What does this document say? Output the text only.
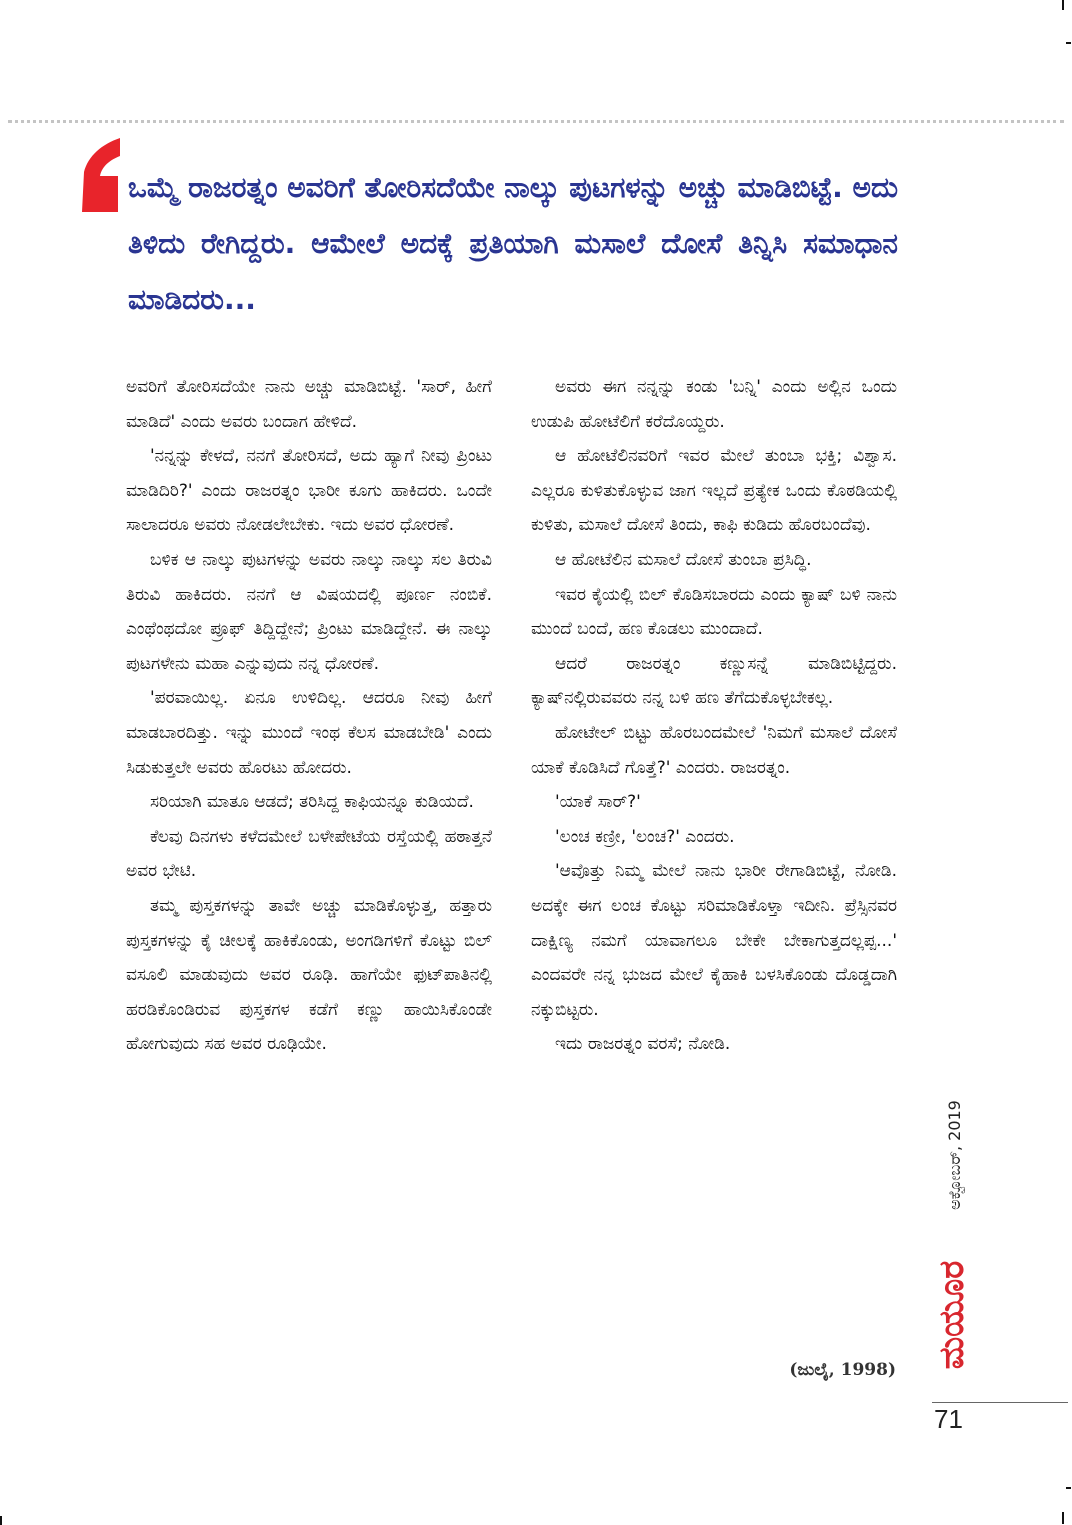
ಒಮ್ಮೆ ರಾಜರತ್ನಂ ಅವರಿಗೆ ತೋರಿಸದೆಯೇ ನಾಲ್ಕು ಪುಟಗಳನ್ನು ಅಚ್ಚು ಮಾಡಿಬಿಟ್ಟೆ. ಅದು ತಿಳಿದು ರೇಗಿದ್ದರು. ಆಮೇಲೆ ಅದಕ್ಕೆ ಪ್ರತಿಯಾಗಿ ಮಸಾಲೆ ದೋಸೆ ತಿನ್ನಿಸಿ ಸಮಾಧಾನ ಮಾಡಿದರು...

ಅವರಿಗೆ ತೋರಿಸದೆಯೇ ನಾನು ಅಚ್ಚು ಮಾಡಿಬಿಟ್ಟೆ. 'ಸಾರ್, ಹೀಗೆ ಮಾಡಿದೆ' ಎಂದು ಅವರು ಬಂದಾಗ ಹೇಳಿದೆ.

'ನನ್ನನ್ನು ಕೇಳದೆ, ನನಗೆ ತೋರಿಸದೆ, ಅದು ಹ್ಯಾಗೆ ನೀವು ಪ್ರಿಂಟು ಮಾಡಿದಿರಿ?' ಎಂದು ರಾಜರತ್ನಂ ಭಾರೀ ಕೂಗು ಹಾಕಿದರು. ಒಂದೇ ಸಾಲಾದರೂ ಅವರು ನೋಡಲೇಬೇಕು. ಇದು ಅವರ ಧೋರಣೆ.

ಬಳಿಕ ಆ ನಾಲ್ಕು ಪುಟಗಳನ್ನು ಅವರು ನಾಲ್ಕು ನಾಲ್ಕು ಸಲ ತಿರುವಿ ತಿರುವಿ ಹಾಕಿದರು. ನನಗೆ ಆ ವಿಷಯದಲ್ಲಿ ಪೂರ್ಣ ನಂಬಿಕೆ. ಎಂಥೆಂಥದೋ ಪ್ರೂಫ್ ತಿದ್ದಿದ್ದೇನೆ; ಪ್ರಿಂಟು ಮಾಡಿದ್ದೇನೆ. ಈ ನಾಲ್ಕು ಪುಟಗಳೇನು ಮಹಾ ಎನ್ನುವುದು ನನ್ನ ಧೋರಣೆ.

'ಪರವಾಯಿಲ್ಲ. ಏನೂ ಉಳಿದಿಲ್ಲ. ಆದರೂ ನೀವು ಹೀಗೆ ಮಾಡಬಾರದಿತ್ತು. ಇನ್ನು ಮುಂದೆ ಇಂಥ ಕೆಲಸ ಮಾಡಬೇಡಿ' ಎಂದು ಸಿಡುಕುತ್ತಲೇ ಅವರು ಹೊರಟು ಹೋದರು.

ಸರಿಯಾಗಿ ಮಾತೂ ಆಡದೆ; ತರಿಸಿದ್ದ ಕಾಫಿಯನ್ನೂ ಕುಡಿಯದೆ.

ಕೆಲವು ದಿನಗಳು ಕಳೆದಮೇಲೆ ಬಳೇಪೇಟೆಯ ರಸ್ತೆಯಲ್ಲಿ ಹಠಾತ್ತನೆ ಅವರ ಭೇಟಿ.

ತಮ್ಮ ಪುಸ್ತಕಗಳನ್ನು ತಾವೇ ಅಚ್ಚು ಮಾಡಿಕೊಳ್ಳುತ್ತ, ಹತ್ತಾರು ಪುಸ್ತಕಗಳನ್ನು ಕೈ ಚೀಲಕ್ಕೆ ಹಾಕಿಕೊಂಡು, ಅಂಗಡಿಗಳಿಗೆ ಕೊಟ್ಟು ಬಿಲ್ ವಸೂಲಿ ಮಾಡುವುದು ಅವರ ರೂಢಿ. ಹಾಗೆಯೇ ಫುಟ್‌ಪಾತಿನಲ್ಲಿ ಹರಡಿಕೊಂಡಿರುವ ಪುಸ್ತಕಗಳ ಕಡೆಗೆ ಕಣ್ಣು ಹಾಯಿಸಿಕೊಂಡೇ ಹೋಗುವುದು ಸಹ ಅವರ ರೂಢಿಯೇ.

ಅವರು ಈಗ ನನ್ನನ್ನು ಕಂಡು 'ಬನ್ನಿ' ಎಂದು ಅಲ್ಲಿನ ಒಂದು ಉಡುಪಿ ಹೋಟೆಲಿಗೆ ಕರೆದೊಯ್ದರು.

ಆ ಹೋಟೆಲಿನವರಿಗೆ ಇವರ ಮೇಲೆ ತುಂಬಾ ಭಕ್ತಿ; ವಿಶ್ವಾಸ. ಎಲ್ಲರೂ ಕುಳಿತುಕೊಳ್ಳುವ ಜಾಗ ಇಲ್ಲದೆ ಪ್ರತ್ಯೇಕ ಒಂದು ಕೊಠಡಿಯಲ್ಲಿ ಕುಳಿತು, ಮಸಾಲೆ ದೋಸೆ ತಿಂದು, ಕಾಫಿ ಕುಡಿದು ಹೊರಬಂದೆವು.

ಆ ಹೋಟೆಲಿನ ಮಸಾಲೆ ದೋಸೆ ತುಂಬಾ ಪ್ರಸಿದ್ಧಿ.

ಇವರ ಕೈಯಲ್ಲಿ ಬಿಲ್ ಕೊಡಿಸಬಾರದು ಎಂದು ಕ್ಯಾಷ್ ಬಳಿ ನಾನು ಮುಂದೆ ಬಂದೆ, ಹಣ ಕೊಡಲು ಮುಂದಾದೆ.

ಆದರೆ ರಾಜರತ್ನಂ ಕಣ್ಣುಸನ್ನೆ ಮಾಡಿಬಿಟ್ಟಿದ್ದರು. ಕ್ಯಾಷ್‌ನಲ್ಲಿರುವವರು ನನ್ನ ಬಳಿ ಹಣ ತೆಗೆದುಕೊಳ್ಳಬೇಕಲ್ಲ.

ಹೋಟೇಲ್ ಬಿಟ್ಟು ಹೊರಬಂದಮೇಲೆ 'ನಿಮಗೆ ಮಸಾಲೆ ದೋಸೆ ಯಾಕೆ ಕೊಡಿಸಿದೆ ಗೊತ್ತೆ?' ಎಂದರು. ರಾಜರತ್ನಂ.

'ಯಾಕೆ ಸಾರ್?'

'ಲಂಚ ಕಣ್ರೀ, 'ಲಂಚ?' ಎಂದರು.

'ಆವೊತ್ತು ನಿಮ್ಮ ಮೇಲೆ ನಾನು ಭಾರೀ ರೇಗಾಡಿಬಿಟ್ಟೆ, ನೋಡಿ. ಅದಕ್ಕೇ ಈಗ ಲಂಚ ಕೊಟ್ಟು ಸರಿಮಾಡಿಕೊಳ್ತಾ ಇದೀನಿ. ಪ್ರೆಸ್ಸಿನವರ ದಾಕ್ಷಿಣ್ಯ ನಮಗೆ ಯಾವಾಗಲೂ ಬೇಕೇ ಬೇಕಾಗುತ್ತದಲ್ಲಪ್ಪ...' ಎಂದವರೇ ನನ್ನ ಭುಜದ ಮೇಲೆ ಕೈಹಾಕಿ ಬಳಸಿಕೊಂಡು ದೊಡ್ಡದಾಗಿ ನಕ್ಕುಬಿಟ್ಟರು.

ಇದು ರಾಜರತ್ನಂ ವರಸೆ; ನೋಡಿ.

(ಜುಲೈ, 1998)
ಅಕ್ಟೋಬರ್, 2019
ಮಯೂರ
71
